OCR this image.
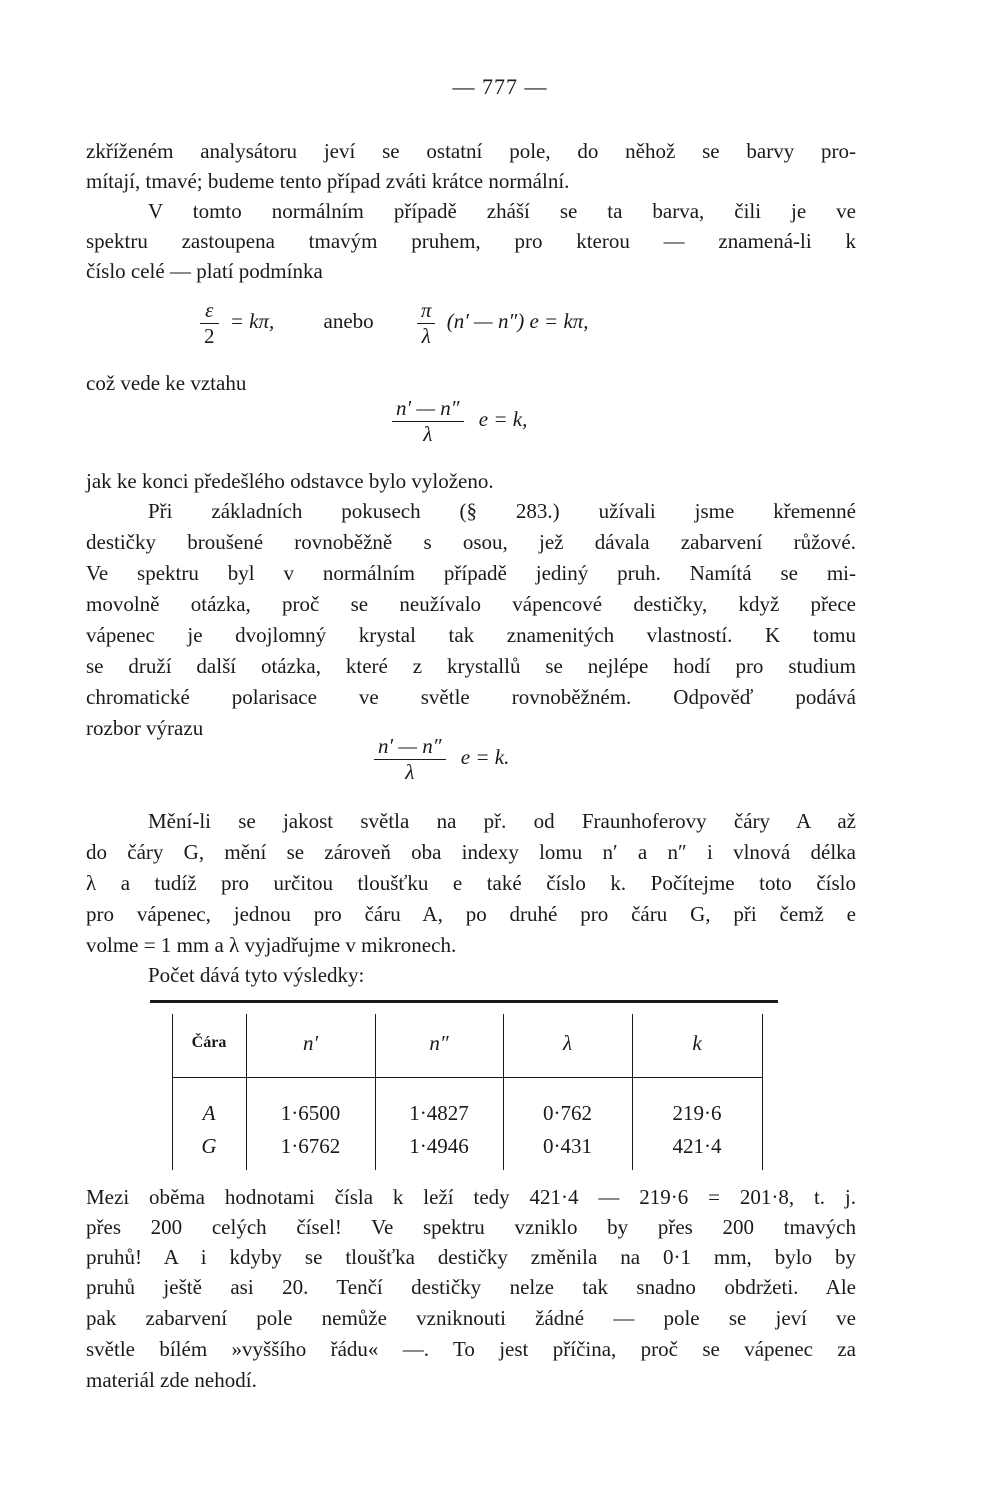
— 777 —
zkříženém analysátoru jeví se ostatní pole, do něhož se barvy pro-
mítají, tmavé; budeme tento případ zváti krátce normální.
V tomto normálním případě zháší se ta barva, čili je ve
spektru zastoupena tmavým pruhem, pro kterou — znamená-li k
číslo celé — platí podmínka
$\frac{\varepsilon}{2} = k\pi$, anebo $\frac{\pi}{\lambda} (n'$ — n″) e = kπ,
což vede ke vztahu
$\frac{n' — n''}{\lambda}$ e = k,
jak ke konci předešlého odstavce bylo vyloženo.
Při základních pokusech (§ 283.) užívali jsme křemenné
destičky broušené rovnoběžně s osou, jež dávala zabarvení růžové.
Ve spektru byl v normálním případě jediný pruh. Namítá se mi-
movolně otázka, proč se neužívalo vápencové destičky, když přece
vápenec je dvojlomný krystal tak znamenitých vlastností. K tomu
se druží další otázka, které z krystallů se nejlépe hodí pro studium
chromatické polarisace ve světle rovnoběžném. Odpověď podává
rozbor výrazu
$\frac{n' — n''}{\lambda}$ e = k.
Mění-li se jakost světla na př. od Fraunhoferovy čáry A až
do čáry G, mění se zároveň oba indexy lomu n′ a n″ i vlnová délka
λ a tudíž pro určitou tloušťku e také číslo k. Počítejme toto číslo
pro vápenec, jednou pro čáru A, po druhé pro čáru G, při čemž e
volme = 1 mm a λ vyjadřujme v mikronech.
Počet dává tyto výsledky:
Čára	n′	n″	λ	k
A	1·6500	1·4827	0·762	219·6
G	1·6762	1·4946	0·431	421·4
Mezi oběma hodnotami čísla k leží tedy 421·4 — 219·6 = 201·8, t. j.
přes 200 celých čísel! Ve spektru vzniklo by přes 200 tmavých
pruhů! A i kdyby se tloušťka destičky změnila na 0·1 mm, bylo by
pruhů ještě asi 20. Tenčí destičky nelze tak snadno obdržeti. Ale
pak zabarvení pole nemůže vzniknouti žádné — pole se jeví ve
světle bílém »vyššího řádu« —. To jest příčina, proč se vápenec za
materiál zde nehodí.
